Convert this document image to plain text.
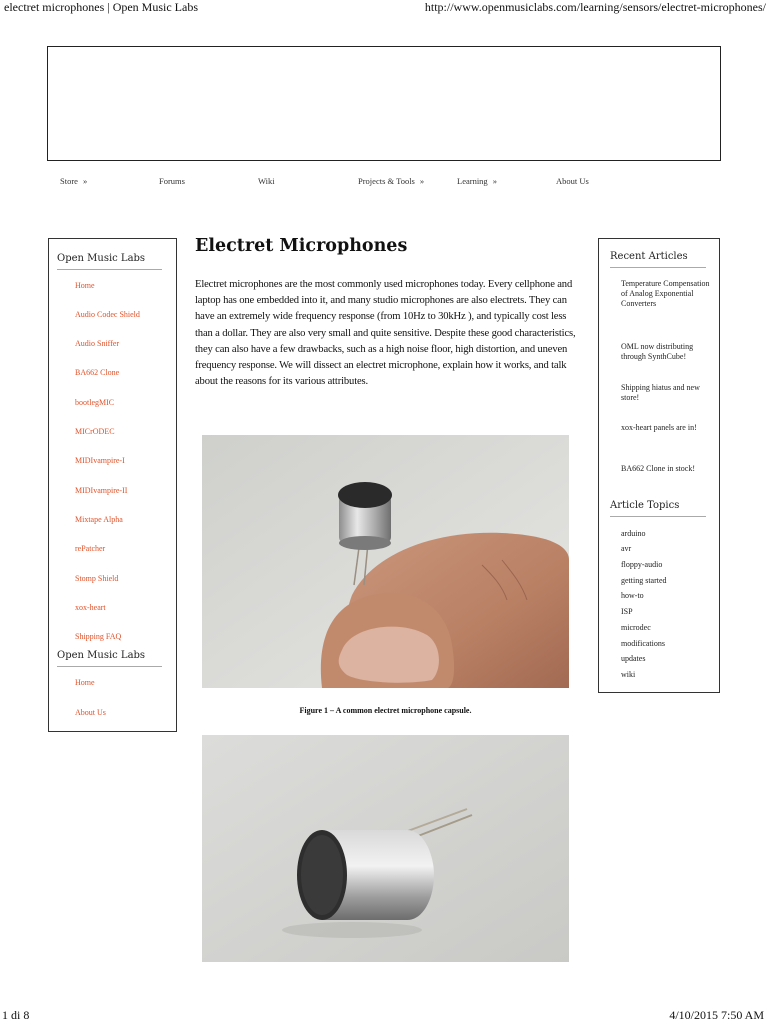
electret microphones | Open Music Labs	http://www.openmusiclabs.com/learning/sensors/electret-microphones/
Store »	Forums	Wiki	Projects & Tools »	Learning »	About Us
Open Music Labs
Home
Audio Codec Shield
Audio Sniffer
BA662 Clone
bootlegMIC
MICrODEC
MIDIvampire-I
MIDIvampire-II
Mixtape Alpha
rePatcher
Stomp Shield
xox-heart
Shipping FAQ
Open Music Labs
Home
About Us
Electret Microphones

Electret microphones are the most commonly used microphones today. Every cellphone and laptop has one embedded into it, and many studio microphones are also electrets. They can have an extremely wide frequency response (from 10Hz to 30kHz ), and typically cost less than a dollar. They are also very small and quite sensitive. Despite these good characteristics, they can also have a few drawbacks, such as a high noise floor, high distortion, and uneven frequency response. We will dissect an electret microphone, explain how it works, and talk about the reasons for its various attributes.

Figure 1 – A common electret microphone capsule.
Recent Articles
Temperature Compensation of Analog Exponential Converters
OML now distributing through SynthCube!
Shipping hiatus and new store!
xox-heart panels are in!
BA662 Clone in stock!
Article Topics
arduino
avr
floppy-audio
getting started
how-to
ISP
microdec
modifications
updates
wiki
1 di 8	4/10/2015 7:50 AM
